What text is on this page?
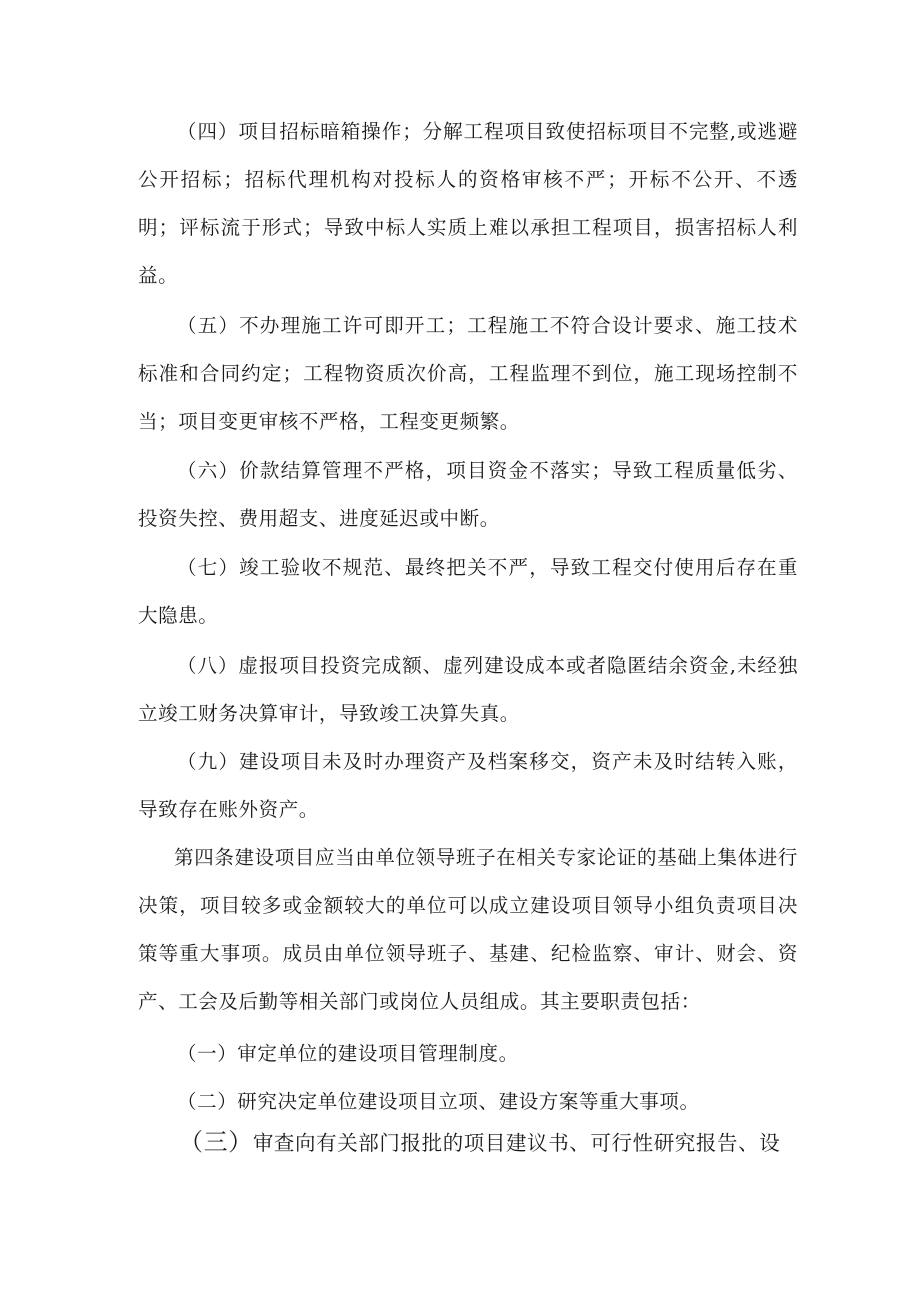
（四）项目招标暗箱操作；分解工程项目致使招标项目不完整,或逃避公开招标；招标代理机构对投标人的资格审核不严；开标不公开、不透明；评标流于形式；导致中标人实质上难以承担工程项目，损害招标人利益。

（五）不办理施工许可即开工；工程施工不符合设计要求、施工技术标准和合同约定；工程物资质次价高，工程监理不到位，施工现场控制不当；项目变更审核不严格，工程变更频繁。

（六）价款结算管理不严格，项目资金不落实；导致工程质量低劣、投资失控、费用超支、进度延迟或中断。

（七）竣工验收不规范、最终把关不严，导致工程交付使用后存在重大隐患。

（八）虚报项目投资完成额、虚列建设成本或者隐匿结余资金,未经独立竣工财务决算审计，导致竣工决算失真。

（九）建设项目未及时办理资产及档案移交，资产未及时结转入账，导致存在账外资产。

第四条建设项目应当由单位领导班子在相关专家论证的基础上集体进行决策，项目较多或金额较大的单位可以成立建设项目领导小组负责项目决策等重大事项。成员由单位领导班子、基建、纪检监察、审计、财会、资产、工会及后勤等相关部门或岗位人员组成。其主要职责包括：

（一）审定单位的建设项目管理制度。

（二）研究决定单位建设项目立项、建设方案等重大事项。

（三）审查向有关部门报批的项目建议书、可行性研究报告、设
